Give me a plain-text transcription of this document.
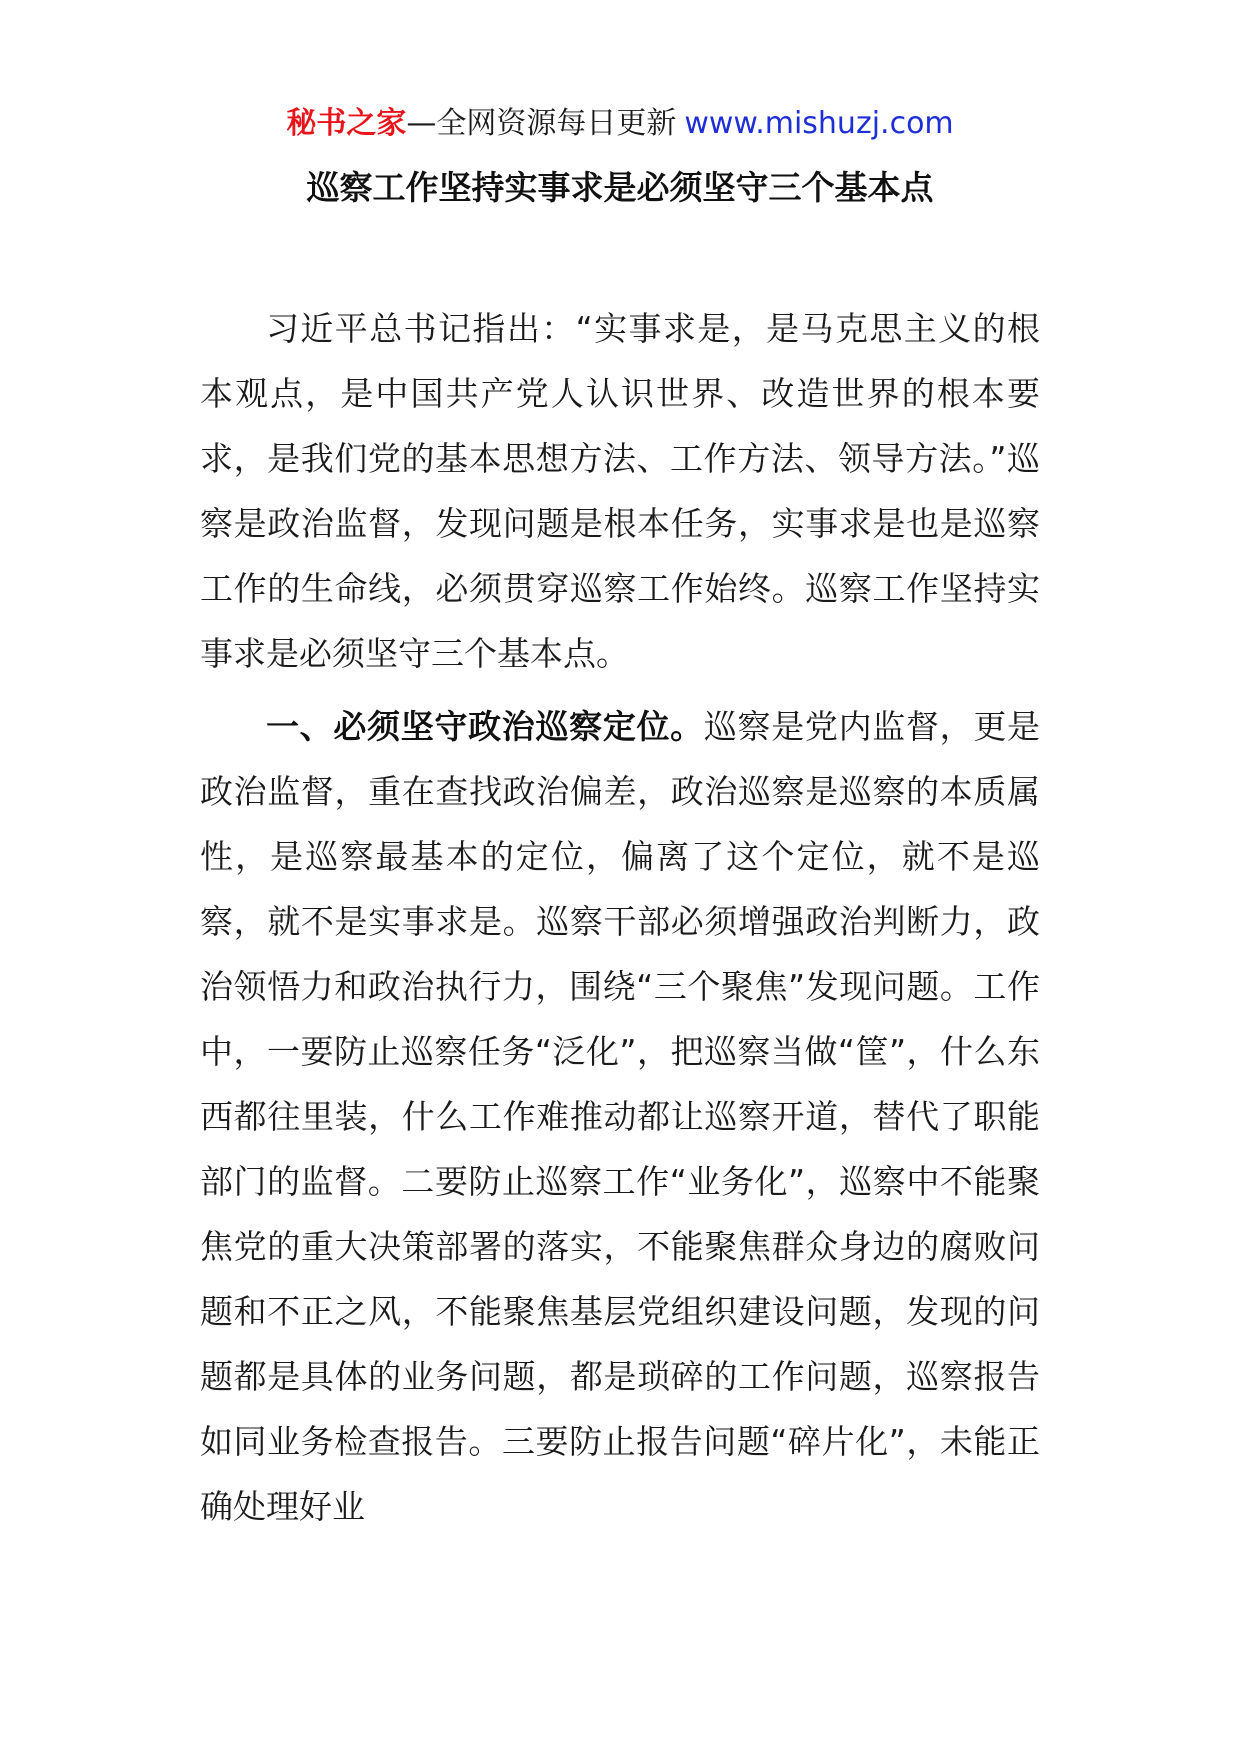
秘书之家—全网资源每日更新 www.mishuzj.com
巡察工作坚持实事求是必须坚守三个基本点

习近平总书记指出：“实事求是，是马克思主义的根本观点，是中国共产党人认识世界、改造世界的根本要求，是我们党的基本思想方法、工作方法、领导方法。”巡察是政治监督，发现问题是根本任务，实事求是也是巡察工作的生命线，必须贯穿巡察工作始终。巡察工作坚持实事求是必须坚守三个基本点。

一、必须坚守政治巡察定位。巡察是党内监督，更是政治监督，重在查找政治偏差，政治巡察是巡察的本质属性，是巡察最基本的定位，偏离了这个定位，就不是巡察，就不是实事求是。巡察干部必须增强政治判断力，政治领悟力和政治执行力，围绕“三个聚焦”发现问题。工作中，一要防止巡察任务“泛化”，把巡察当做“筐”，什么东西都往里装，什么工作难推动都让巡察开道，替代了职能部门的监督。二要防止巡察工作“业务化”，巡察中不能聚焦党的重大决策部署的落实，不能聚焦群众身边的腐败问题和不正之风，不能聚焦基层党组织建设问题，发现的问题都是具体的业务问题，都是琐碎的工作问题，巡察报告如同业务检查报告。三要防止报告问题“碎片化”，未能正确处理好业
